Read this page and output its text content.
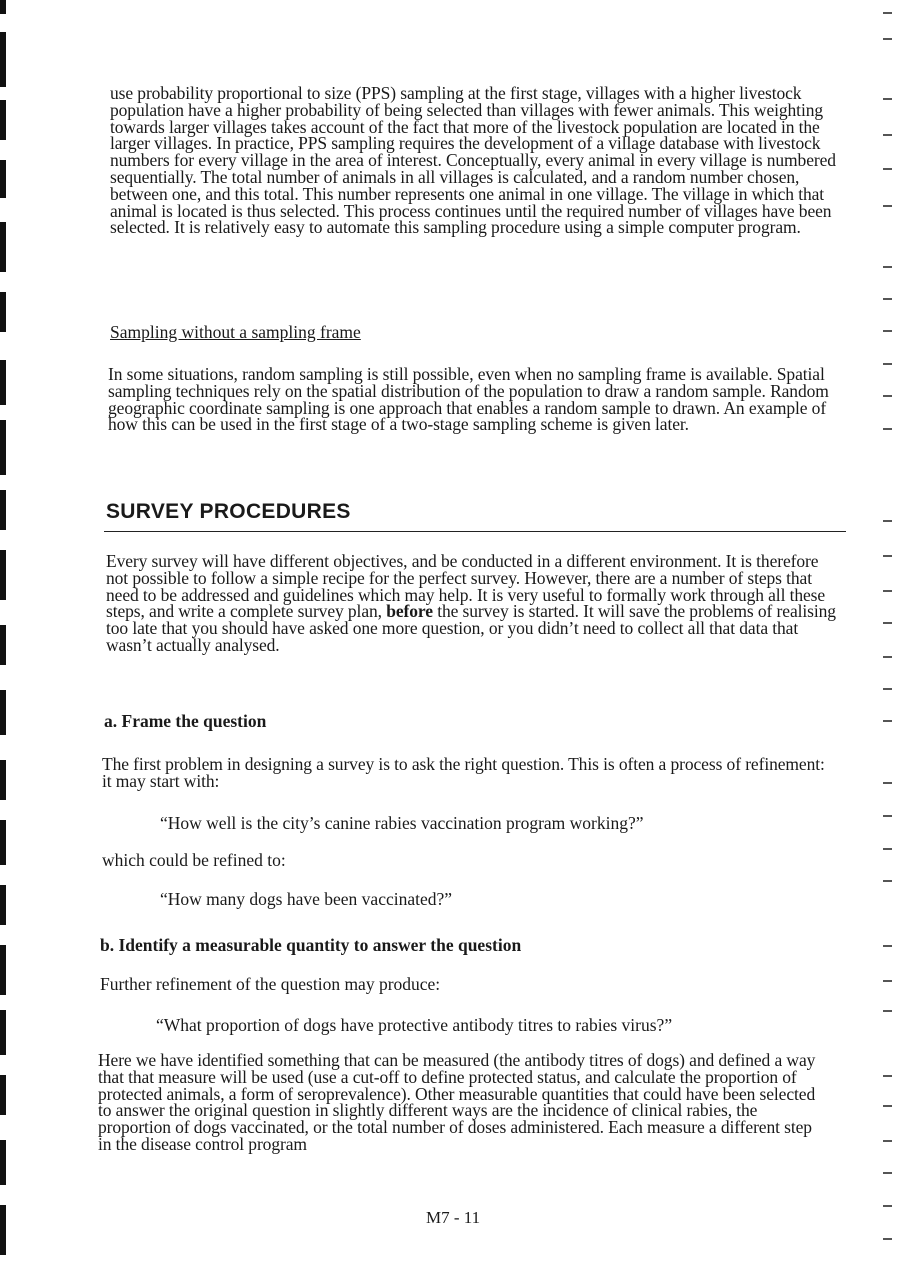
use probability proportional to size (PPS) sampling at the first stage, villages with a higher livestock population have a higher probability of being selected than villages with fewer animals. This weighting towards larger villages takes account of the fact that more of the livestock population are located in the larger villages. In practice, PPS sampling requires the development of a village database with livestock numbers for every village in the area of interest. Conceptually, every animal in every village is numbered sequentially. The total number of animals in all villages is calculated, and a random number chosen, between one, and this total. This number represents one animal in one village. The village in which that animal is located is thus selected. This process continues until the required number of villages have been selected. It is relatively easy to automate this sampling procedure using a simple computer program.

Sampling without a sampling frame

In some situations, random sampling is still possible, even when no sampling frame is available. Spatial sampling techniques rely on the spatial distribution of the population to draw a random sample. Random geographic coordinate sampling is one approach that enables a random sample to drawn. An example of how this can be used in the first stage of a two-stage sampling scheme is given later.

SURVEY PROCEDURES

Every survey will have different objectives, and be conducted in a different environment. It is therefore not possible to follow a simple recipe for the perfect survey. However, there are a number of steps that need to be addressed and guidelines which may help. It is very useful to formally work through all these steps, and write a complete survey plan, before the survey is started. It will save the problems of realising too late that you should have asked one more question, or you didn’t need to collect all that data that wasn’t actually analysed.

a. Frame the question

The first problem in designing a survey is to ask the right question. This is often a process of refinement: it may start with:

“How well is the city’s canine rabies vaccination program working?”

which could be refined to:

“How many dogs have been vaccinated?”

b. Identify a measurable quantity to answer the question

Further refinement of the question may produce:

“What proportion of dogs have protective antibody titres to rabies virus?”

Here we have identified something that can be measured (the antibody titres of dogs) and defined a way that that measure will be used (use a cut-off to define protected status, and calculate the proportion of protected animals, a form of seroprevalence). Other measurable quantities that could have been selected to answer the original question in slightly different ways are the incidence of clinical rabies, the proportion of dogs vaccinated, or the total number of doses administered. Each measure a different step in the disease control program

M7 - 11
